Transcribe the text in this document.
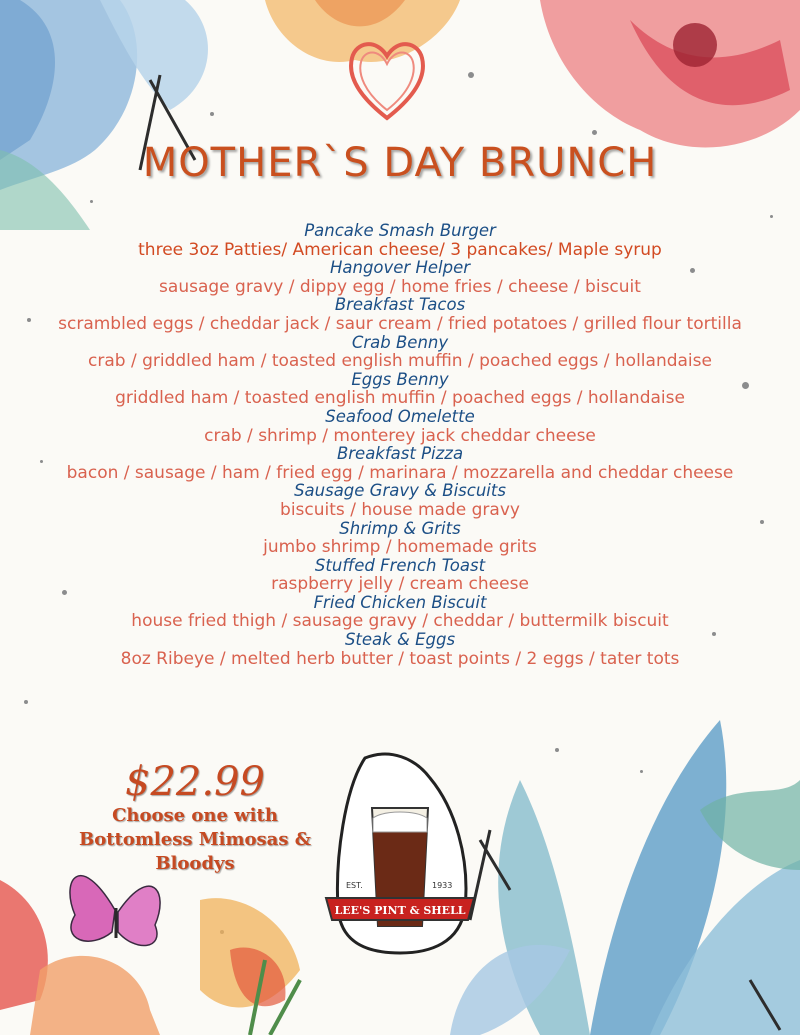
MOTHER`S DAY BRUNCH
Pancake Smash Burger
three 3oz Patties/ American cheese/ 3 pancakes/ Maple syrup
Hangover Helper
sausage gravy / dippy egg / home fries / cheese / biscuit
Breakfast Tacos
scrambled eggs / cheddar jack / saur cream / fried potatoes / grilled flour tortilla
Crab Benny
crab / griddled ham / toasted english muffin / poached eggs / hollandaise
Eggs Benny
griddled ham / toasted english muffin / poached eggs / hollandaise
Seafood Omelette
crab / shrimp / monterey jack cheddar cheese
Breakfast Pizza
bacon / sausage / ham / fried egg / marinara / mozzarella and cheddar cheese
Sausage Gravy & Biscuits
biscuits / house made gravy
Shrimp & Grits
jumbo shrimp / homemade grits
Stuffed French Toast
raspberry jelly / cream cheese
Fried Chicken Biscuit
house fried thigh / sausage gravy / cheddar / buttermilk biscuit
Steak & Eggs
8oz Ribeye / melted herb butter / toast points / 2 eggs / tater tots
$22.99
Choose one with
Bottomless Mimosas &
Bloodys
EST.	1933
LEE'S PINT & SHELL
